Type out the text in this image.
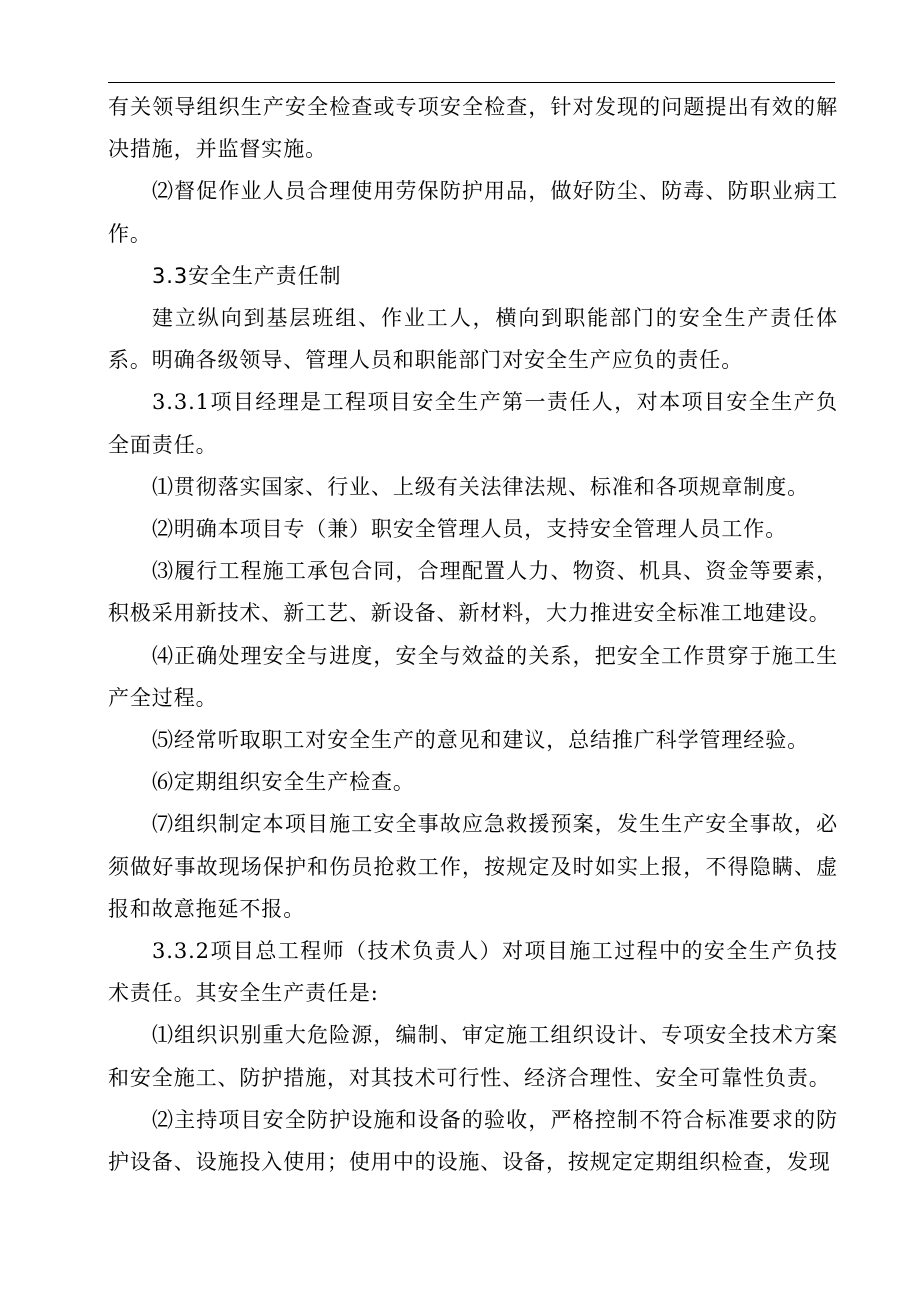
有关领导组织生产安全检查或专项安全检查，针对发现的问题提出有效的解决措施，并监督实施。

⑵督促作业人员合理使用劳保防护用品，做好防尘、防毒、防职业病工作。

3.3安全生产责任制

建立纵向到基层班组、作业工人，横向到职能部门的安全生产责任体系。明确各级领导、管理人员和职能部门对安全生产应负的责任。

3.3.1项目经理是工程项目安全生产第一责任人，对本项目安全生产负全面责任。

⑴贯彻落实国家、行业、上级有关法律法规、标准和各项规章制度。

⑵明确本项目专（兼）职安全管理人员，支持安全管理人员工作。

⑶履行工程施工承包合同，合理配置人力、物资、机具、资金等要素，积极采用新技术、新工艺、新设备、新材料，大力推进安全标准工地建设。

⑷正确处理安全与进度，安全与效益的关系，把安全工作贯穿于施工生产全过程。

⑸经常听取职工对安全生产的意见和建议，总结推广科学管理经验。

⑹定期组织安全生产检查。

⑺组织制定本项目施工安全事故应急救援预案，发生生产安全事故，必须做好事故现场保护和伤员抢救工作，按规定及时如实上报，不得隐瞒、虚报和故意拖延不报。

3.3.2项目总工程师（技术负责人）对项目施工过程中的安全生产负技术责任。其安全生产责任是:

⑴组织识别重大危险源，编制、审定施工组织设计、专项安全技术方案和安全施工、防护措施，对其技术可行性、经济合理性、安全可靠性负责。

⑵主持项目安全防护设施和设备的验收，严格控制不符合标准要求的防护设备、设施投入使用；使用中的设施、设备，按规定定期组织检查，发现
